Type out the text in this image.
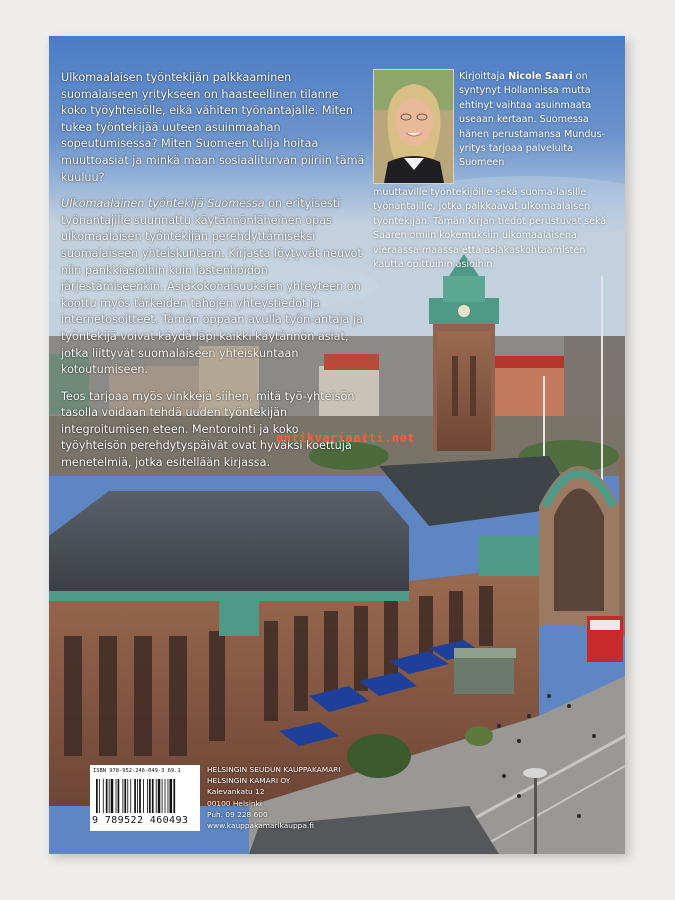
Ulkomaalaisen työntekijän palkkaaminen suomalaiseen yritykseen on haasteellinen tilanne koko työyhteisölle, eikä vähiten työnantajalle. Miten tukea työntekijää uuteen asuinmaahan sopeutumisessa? Miten Suomeen tulija hoitaa muuttoasiat ja minkä maan sosiaaliturvan piiriin tämä kuuluu?

Ulkomaalainen työntekijä Suomessa on erityisesti työnantajille suunnattu käytännönläheinen opas ulkomaalaisen työntekijän perehdyttämiseksi suomalaiseen yhteiskuntaan. Kirjasta löytyvät neuvot niin pankkiasioihin kuin lastenhoidon järjestämiseenkin. Asiakokonaisuuksien yhteyteen on koottu myös tärkeiden tahojen yhteystiedot ja internetosoitteet. Tämän oppaan avulla työn-antaja ja työntekijä voivat käydä läpi kaikki käytännön asiat, jotka liittyvät suomalaiseen yhteiskuntaan kotoutumiseen.

Teos tarjoaa myös vinkkejä siihen, mitä työ-yhteisön tasolla voidaan tehdä uuden työntekijän integroitumisen eteen. Mentorointi ja koko työyhteisön perehdytyspäivät ovat hyväksi koettuja menetelmiä, jotka esitellään kirjassa.

Kirjoittaja Nicole Saari on syntynyt Hollannissa mutta ehtinyt vaihtaa asuinmaata useaan kertaan. Suomessa hänen perustamansa Mundus-yritys tarjoaa palveluita Suomeen
muuttaville työntekijöille sekä suoma-laisille työnantajille, jotka palkkaavat ulkomaalaisen työntekijän. Tämän kirjan tiedot perustuvat sekä Saaren omiin kokemuksiin ulkomaalaisena vieraassa maassa että asiakaskohtaamisten kautta opittuihin asioihin.
antikvariaatti.net
ISBN 978-952-246-049-3 69.1
9 789522 460493
HELSINGIN SEUDUN KAUPPAKAMARI
HELSINGIN KAMARI OY
Kalevankatu 12
00100 Helsinki
Puh. 09 228 600
www.kauppakamarikauppa.fi
